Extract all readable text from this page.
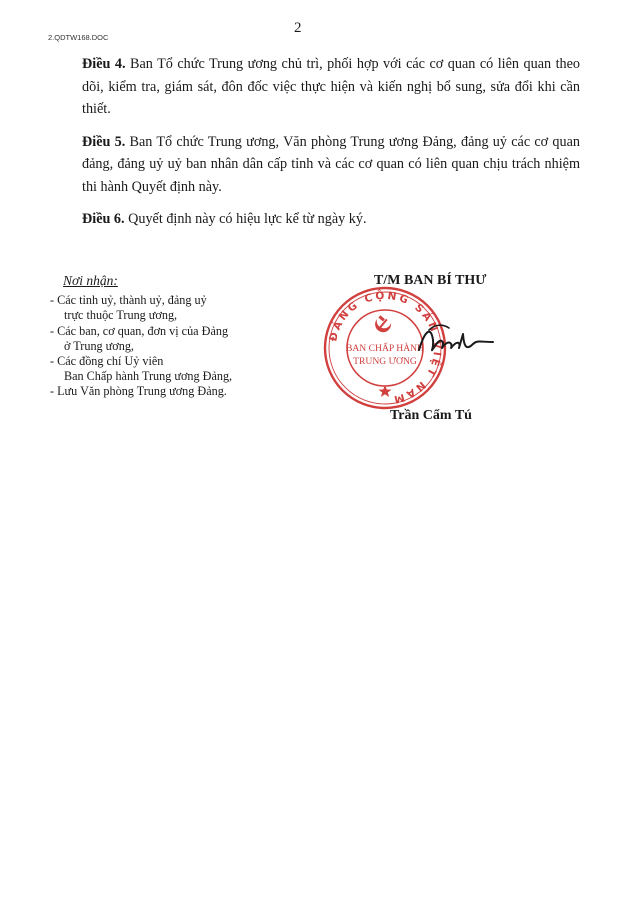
2.QDTW168.DOC
2

Điều 4. Ban Tổ chức Trung ương chủ trì, phối hợp với các cơ quan có liên quan theo dõi, kiểm tra, giám sát, đôn đốc việc thực hiện và kiến nghị bổ sung, sửa đổi khi cần thiết.

Điều 5. Ban Tổ chức Trung ương, Văn phòng Trung ương Đảng, đảng uỷ các cơ quan đảng, đảng uỷ uỷ ban nhân dân cấp tỉnh và các cơ quan có liên quan chịu trách nhiệm thi hành Quyết định này.

Điều 6. Quyết định này có hiệu lực kể từ ngày ký.

Nơi nhận:
- Các tỉnh uỷ, thành uỷ, đảng uỷ
trực thuộc Trung ương,
- Các ban, cơ quan, đơn vị của Đảng
ở Trung ương,
- Các đồng chí Uỷ viên
Ban Chấp hành Trung ương Đảng,
- Lưu Văn phòng Trung ương Đảng.
T/M BAN BÍ THƯ
ĐẢNG CỘNG SẢN VIỆT NAM
BAN CHẤP HÀNH
TRUNG ƯƠNG
Trần Cẩm Tú
